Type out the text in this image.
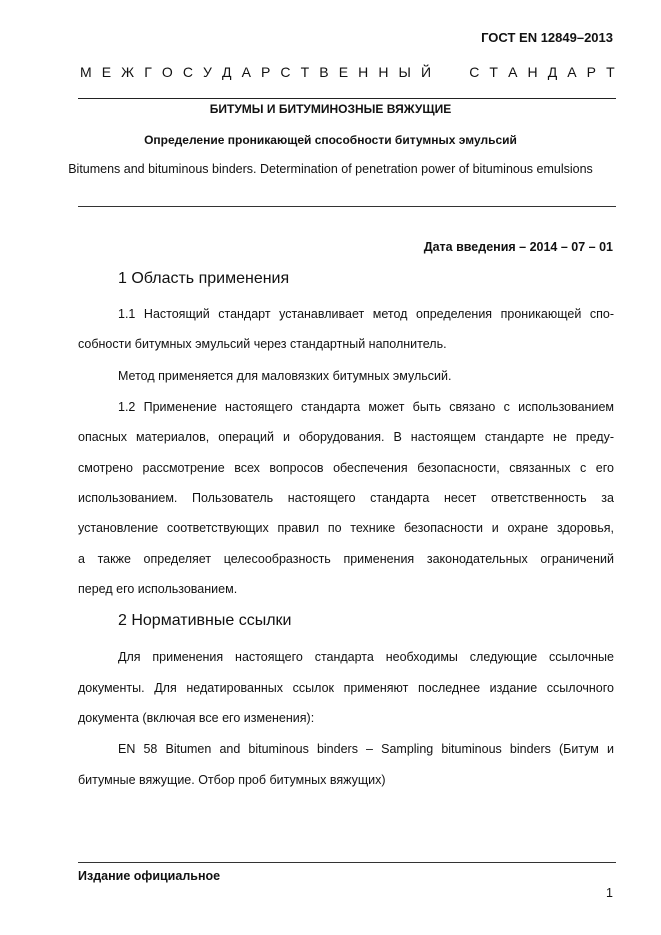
ГОСТ EN 12849–2013
М Е Ж Г О С У Д А Р С Т В Е Н Н Ы Й	С Т А Н Д А Р Т
БИТУМЫ И БИТУМИНОЗНЫЕ ВЯЖУЩИЕ
Определение проникающей способности битумных эмульсий
Bitumens and bituminous binders. Determination of penetration power of bituminous emulsions
Дата введения – 2014 – 07 – 01
1 Область применения
1.1 Настоящий стандарт устанавливает метод определения проникающей спо-
собности битумных эмульсий через стандартный наполнитель.
Метод применяется для маловязких битумных эмульсий.
1.2 Применение настоящего стандарта может быть связано с использованием
опасных материалов, операций и оборудования. В настоящем стандарте не преду-
смотрено рассмотрение всех вопросов обеспечения безопасности, связанных с его
использованием. Пользователь настоящего стандарта несет ответственность за
установление соответствующих правил по технике безопасности и охране здоровья,
а также определяет целесообразность применения законодательных ограничений
перед его использованием.
2 Нормативные ссылки
Для применения настоящего стандарта необходимы следующие ссылочные
документы. Для недатированных ссылок применяют последнее издание ссылочного
документа (включая все его изменения):
EN 58 Bitumen and bituminous binders – Sampling bituminous binders (Битум и
битумные вяжущие. Отбор проб битумных вяжущих)
Издание официальное
1
